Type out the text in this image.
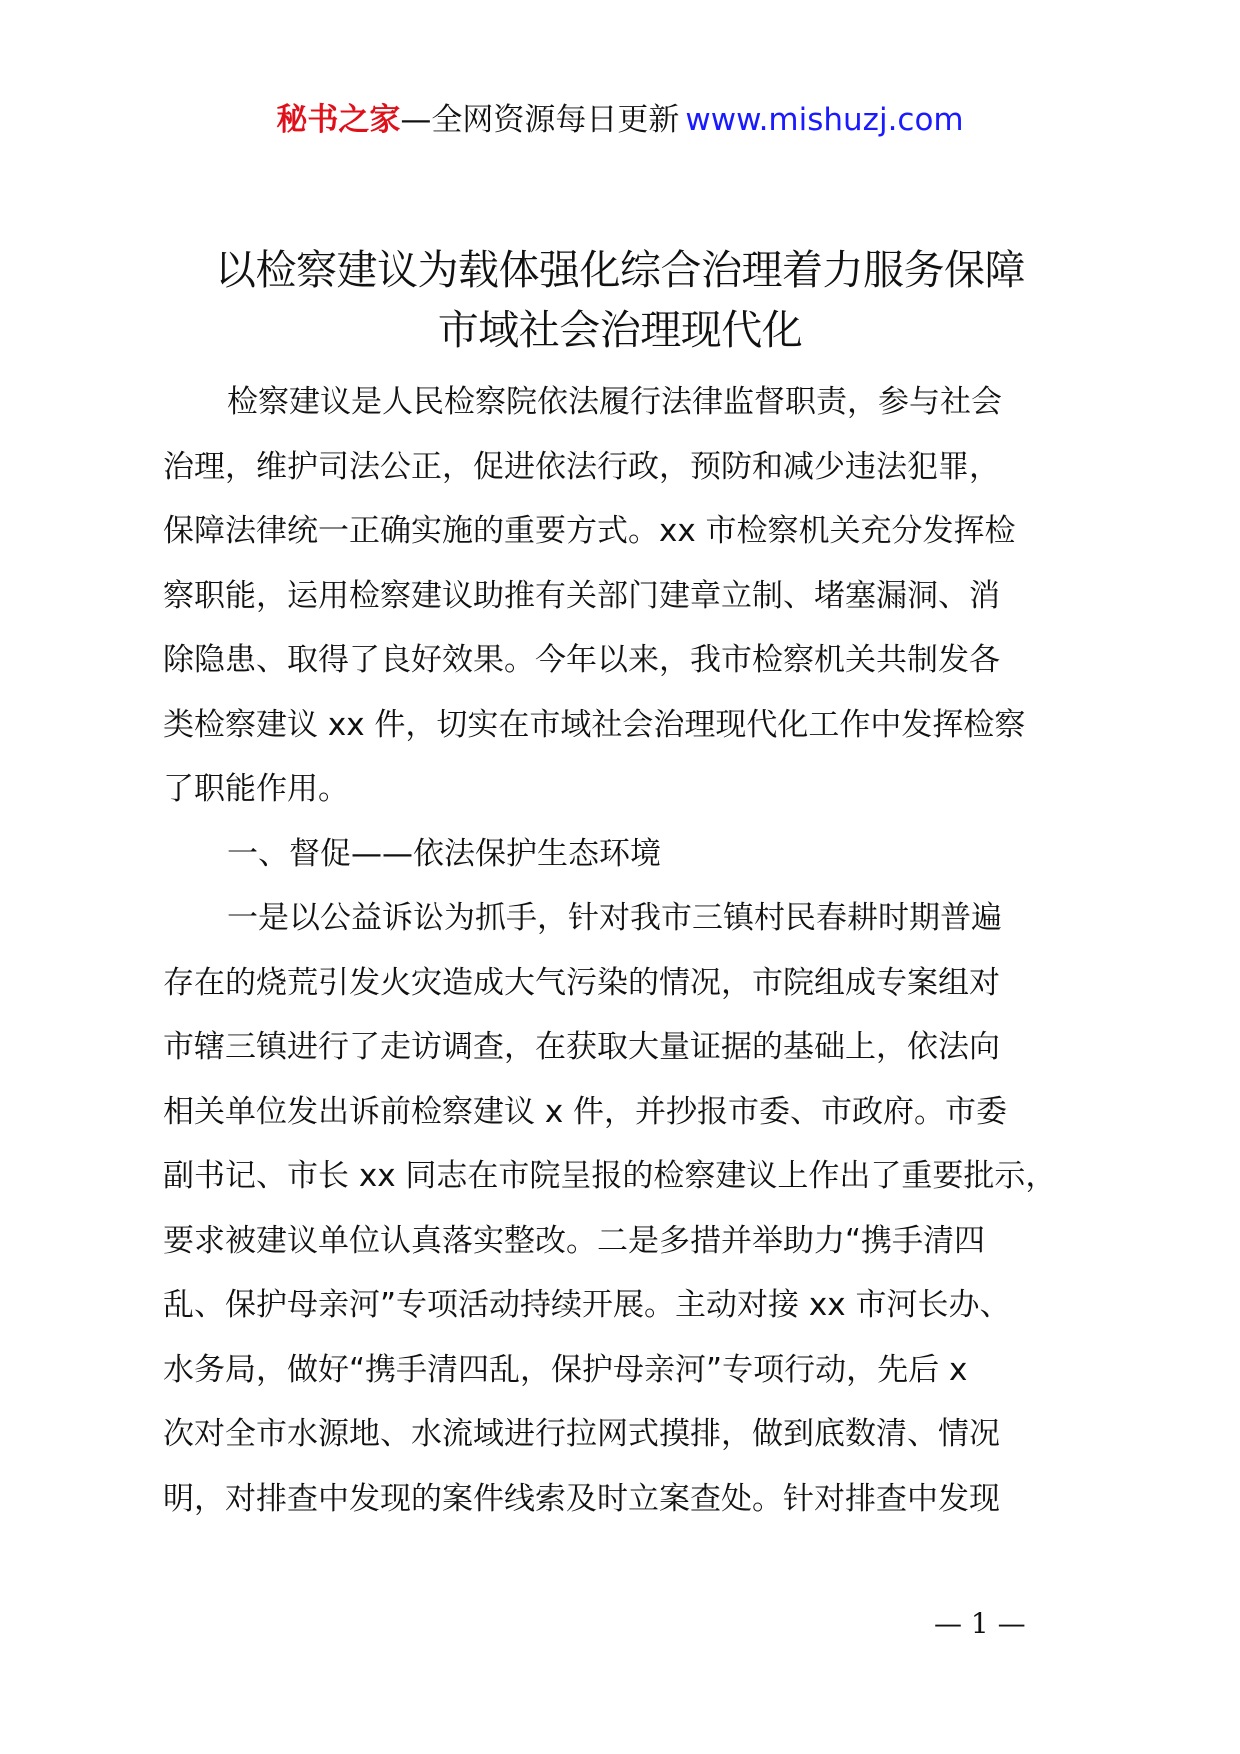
秘书之家—全网资源每日更新 www.mishuzj.com
以检察建议为载体强化综合治理着力服务保障
市域社会治理现代化
检察建议是人民检察院依法履行法律监督职责，参与社会
治理，维护司法公正，促进依法行政，预防和减少违法犯罪，
保障法律统一正确实施的重要方式。xx 市检察机关充分发挥检
察职能，运用检察建议助推有关部门建章立制、堵塞漏洞、消
除隐患、取得了良好效果。今年以来，我市检察机关共制发各
类检察建议 xx 件，切实在市域社会治理现代化工作中发挥检察
了职能作用。
一、督促——依法保护生态环境
一是以公益诉讼为抓手，针对我市三镇村民春耕时期普遍
存在的烧荒引发火灾造成大气污染的情况，市院组成专案组对
市辖三镇进行了走访调查，在获取大量证据的基础上，依法向
相关单位发出诉前检察建议 x 件，并抄报市委、市政府。市委
副书记、市长 xx 同志在市院呈报的检察建议上作出了重要批示，
要求被建议单位认真落实整改。二是多措并举助力“携手清四
乱、保护母亲河”专项活动持续开展。主动对接 xx 市河长办、
水务局，做好“携手清四乱，保护母亲河”专项行动，先后 x
次对全市水源地、水流域进行拉网式摸排，做到底数清、情况
明，对排查中发现的案件线索及时立案查处。针对排查中发现
— 1 —
